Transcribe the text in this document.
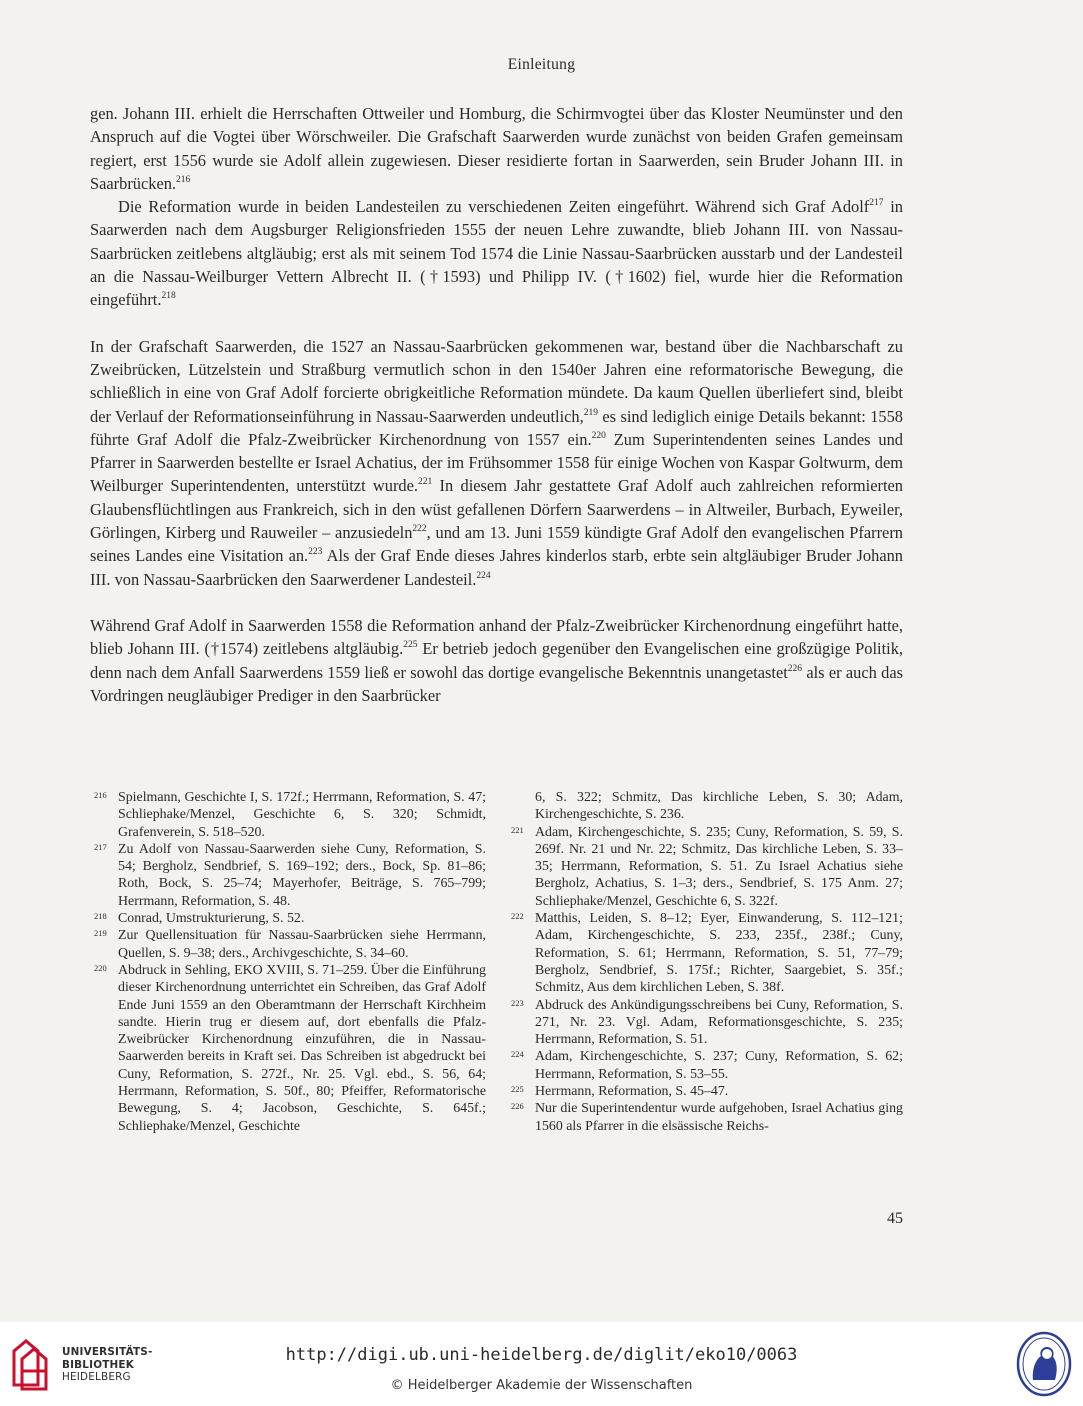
Einleitung

gen. Johann III. erhielt die Herrschaften Ottweiler und Homburg, die Schirmvogtei über das Kloster Neumünster und den Anspruch auf die Vogtei über Wörschweiler. Die Grafschaft Saarwerden wurde zunächst von beiden Grafen gemeinsam regiert, erst 1556 wurde sie Adolf allein zugewiesen. Dieser residierte fortan in Saarwerden, sein Bruder Johann III. in Saarbrücken.$^{216}$

Die Reformation wurde in beiden Landesteilen zu verschiedenen Zeiten eingeführt. Während sich Graf Adolf$^{217}$ in Saarwerden nach dem Augsburger Religionsfrieden 1555 der neuen Lehre zuwandte, blieb Johann III. von Nassau-Saarbrücken zeitlebens altgläubig; erst als mit seinem Tod 1574 die Linie Nassau-Saarbrücken ausstarb und der Landesteil an die Nassau-Weilburger Vettern Albrecht II. (†1593) und Philipp IV. (†1602) fiel, wurde hier die Reformation eingeführt.$^{218}$

In der Grafschaft Saarwerden, die 1527 an Nassau-Saarbrücken gekommenen war, bestand über die Nachbarschaft zu Zweibrücken, Lützelstein und Straßburg vermutlich schon in den 1540er Jahren eine reformatorische Bewegung, die schließlich in eine von Graf Adolf forcierte obrigkeitliche Reformation mündete. Da kaum Quellen überliefert sind, bleibt der Verlauf der Reformationseinführung in Nassau-Saarwerden undeutlich,$^{219}$ es sind lediglich einige Details bekannt: 1558 führte Graf Adolf die Pfalz-Zweibrücker Kirchenordnung von 1557 ein.$^{220}$ Zum Superintendenten seines Landes und Pfarrer in Saarwerden bestellte er Israel Achatius, der im Frühsommer 1558 für einige Wochen von Kaspar Goltwurm, dem Weilburger Superintendenten, unterstützt wurde.$^{221}$ In diesem Jahr gestattete Graf Adolf auch zahlreichen reformierten Glaubensflüchtlingen aus Frankreich, sich in den wüst gefallenen Dörfern Saarwerdens – in Altweiler, Burbach, Eyweiler, Görlingen, Kirberg und Rauweiler – anzusiedeln$^{222}$, und am 13. Juni 1559 kündigte Graf Adolf den evangelischen Pfarrern seines Landes eine Visitation an.$^{223}$ Als der Graf Ende dieses Jahres kinderlos starb, erbte sein altgläubiger Bruder Johann III. von Nassau-Saarbrücken den Saarwerdener Landesteil.$^{224}$

Während Graf Adolf in Saarwerden 1558 die Reformation anhand der Pfalz-Zweibrücker Kirchenordnung eingeführt hatte, blieb Johann III. (†1574) zeitlebens altgläubig.$^{225}$ Er betrieb jedoch gegenüber den Evangelischen eine großzügige Politik, denn nach dem Anfall Saarwerdens 1559 ließ er sowohl das dortige evangelische Bekenntnis unangetastet$^{226}$ als er auch das Vordringen neugläubiger Prediger in den Saarbrücker

216 Spielmann, Geschichte I, S. 172f.; Herrmann, Reformation, S. 47; Schliephake/Menzel, Geschichte 6, S. 320; Schmidt, Grafenverein, S. 518–520.
217 Zu Adolf von Nassau-Saarwerden siehe Cuny, Reformation, S. 54; Bergholz, Sendbrief, S. 169–192; ders., Bock, Sp. 81–86; Roth, Bock, S. 25–74; Mayerhofer, Beiträge, S. 765–799; Herrmann, Reformation, S. 48.
218 Conrad, Umstrukturierung, S. 52.
219 Zur Quellensituation für Nassau-Saarbrücken siehe Herrmann, Quellen, S. 9–38; ders., Archivgeschichte, S. 34–60.
220 Abdruck in Sehling, EKO XVIII, S. 71–259. Über die Einführung dieser Kirchenordnung unterrichtet ein Schreiben, das Graf Adolf Ende Juni 1559 an den Oberamtmann der Herrschaft Kirchheim sandte. Hierin trug er diesem auf, dort ebenfalls die Pfalz-Zweibrücker Kirchenordnung einzuführen, die in Nassau-Saarwerden bereits in Kraft sei. Das Schreiben ist abgedruckt bei Cuny, Reformation, S. 272f., Nr. 25. Vgl. ebd., S. 56, 64; Herrmann, Reformation, S. 50f., 80; Pfeiffer, Reformatorische Bewegung, S. 4; Jacobson, Geschichte, S. 645f.; Schliephake/Menzel, Geschichte
6, S. 322; Schmitz, Das kirchliche Leben, S. 30; Adam, Kirchengeschichte, S. 236.
221 Adam, Kirchengeschichte, S. 235; Cuny, Reformation, S. 59, S. 269f. Nr. 21 und Nr. 22; Schmitz, Das kirchliche Leben, S. 33–35; Herrmann, Reformation, S. 51. Zu Israel Achatius siehe Bergholz, Achatius, S. 1–3; ders., Sendbrief, S. 175 Anm. 27; Schliephake/Menzel, Geschichte 6, S. 322f.
222 Matthis, Leiden, S. 8–12; Eyer, Einwanderung, S. 112–121; Adam, Kirchengeschichte, S. 233, 235f., 238f.; Cuny, Reformation, S. 61; Herrmann, Reformation, S. 51, 77–79; Bergholz, Sendbrief, S. 175f.; Richter, Saargebiet, S. 35f.; Schmitz, Aus dem kirchlichen Leben, S. 38f.
223 Abdruck des Ankündigungsschreibens bei Cuny, Reformation, S. 271, Nr. 23. Vgl. Adam, Reformationsgeschichte, S. 235; Herrmann, Reformation, S. 51.
224 Adam, Kirchengeschichte, S. 237; Cuny, Reformation, S. 62; Herrmann, Reformation, S. 53–55.
225 Herrmann, Reformation, S. 45–47.
226 Nur die Superintendentur wurde aufgehoben, Israel Achatius ging 1560 als Pfarrer in die elsässische Reichs-
45
UNIVERSITÄTS-
BIBLIOTHEK
HEIDELBERG
http://digi.ub.uni-heidelberg.de/diglit/eko10/0063
© Heidelberger Akademie der Wissenschaften
